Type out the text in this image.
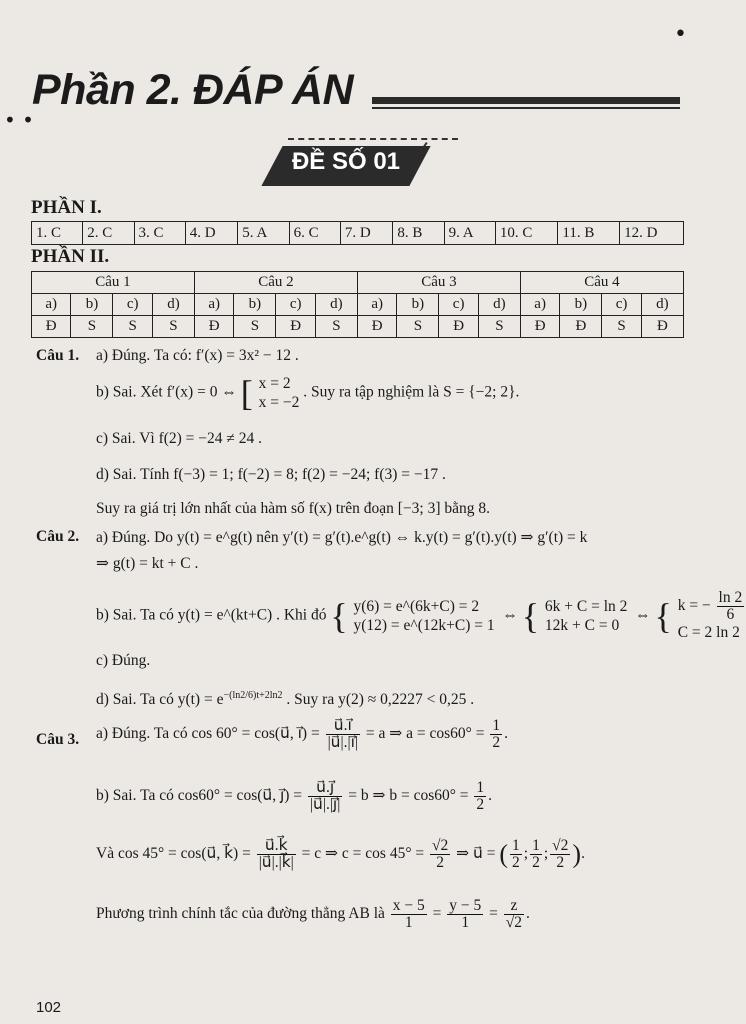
•
Phần 2. ĐÁP ÁN
• •
ĐỀ SỐ 01
PHẦN I.
1. C	2. C	3. C	4. D	5. A	6. C	7. D	8. B	9. A	10. C	11. B	12. D
PHẦN II.
Câu 1				Câu 2				Câu 3				Câu 4			
a)	b)	c)	d)	a)	b)	c)	d)	a)	b)	c)	d)	a)	b)	c)	d)
Đ	S	S	S	Đ	S	Đ	S	Đ	S	Đ	S	Đ	Đ	S	Đ
Câu 1. a) Đúng. Ta có: f′(x) = 3x² − 12 .
b) Sai. Xét f′(x) = 0 ⇔ [ x = 2
x = −2
. Suy ra tập nghiệm là S = {−2; 2}.
c) Sai. Vì f(2) = −24 ≠ 24 .
d) Sai. Tính f(−3) = 1; f(−2) = 8; f(2) = −24; f(3) = −17 .
Suy ra giá trị lớn nhất của hàm số f(x) trên đoạn [−3; 3] bằng 8.
Câu 2. a) Đúng. Do y(t) = e^g(t) nên y′(t) = g′(t).e^g(t) ⇔ k.y(t) = g′(t).y(t) ⇒ g′(t) = k
⇒ g(t) = kt + C .
b) Sai. Ta có y(t) = e^(kt+C) . Khi đó { y(6) = e^(6k+C) = 2
y(12) = e^(12k+C) = 1
⇔ { 6k + C = ln 2
12k + C = 0
⇔ { k = − $\frac{\ln 2}{6}$
C = 2 ln 2
c) Đúng.
d) Sai. Ta có $y(t) = e^{-(ln2/6)t+2ln2}$ . Suy ra y(2) ≈ 0,2227 < 0,25 .
Câu 3. a) Đúng. Ta có cos 60° = cos(u⃗, i⃗) = $\frac{u⃗.i⃗}{|u⃗|.|i⃗|} = a$ ⇒ $a = \cos 60^\circ = \frac{1}{2}$ .
b) Sai. Ta có cos60° = cos(u⃗, j⃗) = $\frac{u⃗.j⃗}{|u⃗|.|j⃗|} = b$ ⇒ $b = \cos 60^\circ = \frac{1}{2}$ .
Và cos 45° = cos(u⃗, k⃗) = $\frac{u⃗.k⃗}{|u⃗|.|k⃗|} = c$ ⇒ $c = \cos 45^\circ = \frac{√2}{2}$ ⇒ u⃗ = ( $\frac{1}{2}$ ; $\frac{1}{2}$ ; $\frac{√2}{2}$ ).
Phương trình chính tắc của đường thẳng AB là $\frac{x - 5}{1} = \frac{y - 5}{1} = \frac{z}{√2}$ .
102
